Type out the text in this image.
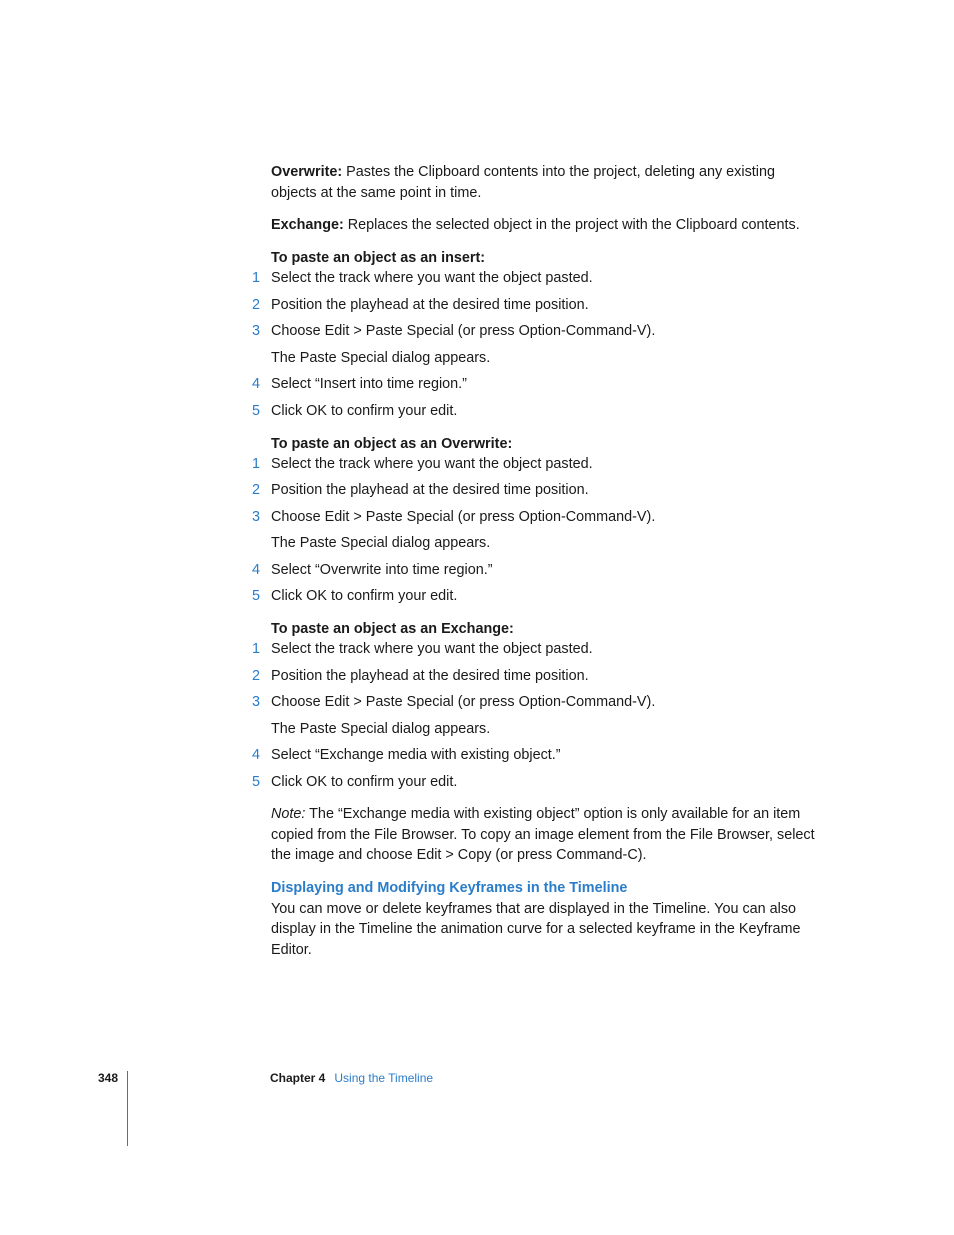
Overwrite: Pastes the Clipboard contents into the project, deleting any existing objects at the same point in time.

Exchange: Replaces the selected object in the project with the Clipboard contents.

To paste an object as an insert:

1 Select the track where you want the object pasted.
2 Position the playhead at the desired time position.
3 Choose Edit > Paste Special (or press Option-Command-V).
The Paste Special dialog appears.
4 Select “Insert into time region.”
5 Click OK to confirm your edit.

To paste an object as an Overwrite:

1 Select the track where you want the object pasted.
2 Position the playhead at the desired time position.
3 Choose Edit > Paste Special (or press Option-Command-V).
The Paste Special dialog appears.
4 Select “Overwrite into time region.”
5 Click OK to confirm your edit.

To paste an object as an Exchange:

1 Select the track where you want the object pasted.
2 Position the playhead at the desired time position.
3 Choose Edit > Paste Special (or press Option-Command-V).
The Paste Special dialog appears.
4 Select “Exchange media with existing object.”
5 Click OK to confirm your edit.

Note: The “Exchange media with existing object” option is only available for an item copied from the File Browser. To copy an image element from the File Browser, select the image and choose Edit > Copy (or press Command-C).

Displaying and Modifying Keyframes in the Timeline

You can move or delete keyframes that are displayed in the Timeline. You can also display in the Timeline the animation curve for a selected keyframe in the Keyframe Editor.

348	Chapter 4 Using the Timeline
